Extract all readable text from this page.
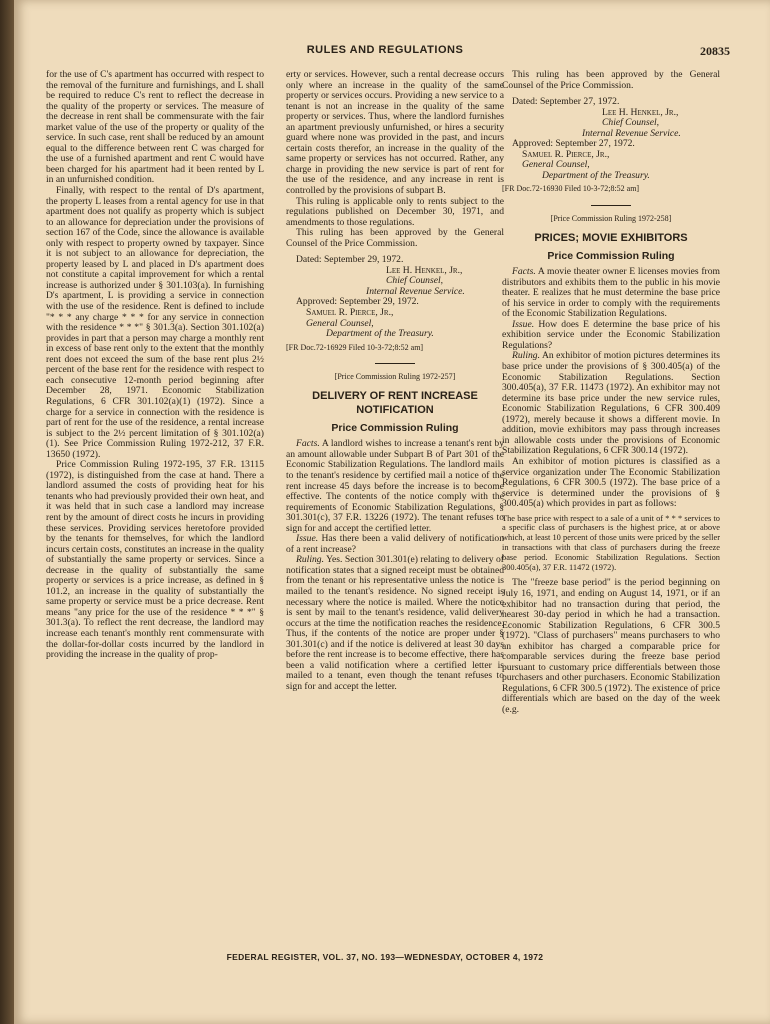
RULES AND REGULATIONS	20835

for the use of C's apartment has occurred with respect to the removal of the furniture and furnishings, and L shall be required to reduce C's rent to reflect the decrease in the quality of the property or services. The measure of the decrease in rent shall be commensurate with the fair market value of the use of the property or quality of the service. In such case, rent shall be reduced by an amount equal to the difference between rent C was charged for the use of a furnished apartment and rent C would have been charged for his apartment had it been rented by L in an unfurnished condition.

Finally, with respect to the rental of D's apartment, the property L leases from a rental agency for use in that apartment does not qualify as property which is subject to an allowance for depreciation under the provisions of section 167 of the Code, since the allowance is available only with respect to property owned by taxpayer. Since it is not subject to an allowance for depreciation, the property leased by L and placed in D's apartment does not constitute a capital improvement for which a rental increase is authorized under § 301.103(a). In furnishing D's apartment, L is providing a service in connection with the use of the residence. Rent is defined to include "* * * any charge * * * for any service in connection with the residence * * *" § 301.3(a). Section 301.102(a) provides in part that a person may charge a monthly rent in excess of base rent only to the extent that the monthly rent does not exceed the sum of the base rent plus 2½ percent of the base rent for the residence with respect to each consecutive 12-month period beginning after December 28, 1971. Economic Stabilization Regulations, 6 CFR 301.102(a)(1) (1972). Since a charge for a service in connection with the residence is part of rent for the use of the residence, a rental increase is subject to the 2½ percent limitation of § 301.102(a)(1). See Price Commission Ruling 1972-212, 37 F.R. 13650 (1972).

Price Commission Ruling 1972-195, 37 F.R. 13115 (1972), is distinguished from the case at hand. There a landlord assumed the costs of providing heat for his tenants who had previously provided their own heat, and it was held that in such case a landlord may increase rent by the amount of direct costs he incurs in providing these services. Providing services heretofore provided by the tenants for themselves, for which the landlord incurs certain costs, constitutes an increase in the quality of substantially the same property or services. Since a decrease in the quality of substantially the same property or services is a price increase, as defined in § 101.2, an increase in the quality of substantially the same property or service must be a price decrease. Rent means "any price for the use of the residence * * *" § 301.3(a). To reflect the rent decrease, the landlord may increase each tenant's monthly rent commensurate with the dollar-for-dollar costs incurred by the landlord in providing the increase in the quality of prop-

erty or services. However, such a rental decrease occurs only where an increase in the quality of the same property or services occurs. Providing a new service to a tenant is not an increase in the quality of the same property or services. Thus, where the landlord furnishes an apartment previously unfurnished, or hires a security guard where none was provided in the past, and incurs certain costs therefor, an increase in the quality of the same property or services has not occurred. Rather, any charge in providing the new service is part of rent for the use of the residence, and any increase in rent is controlled by the provisions of subpart B.

This ruling is applicable only to rents subject to the regulations published on December 30, 1971, and amendments to those regulations.

This ruling has been approved by the General Counsel of the Price Commission.

Dated: September 29, 1972.

Lee H. Henkel, Jr.,

Chief Counsel,

Internal Revenue Service.

Approved: September 29, 1972.

Samuel R. Pierce, Jr.,

General Counsel,

Department of the Treasury.

[FR Doc.72-16929 Filed 10-3-72;8:52 am]

[Price Commission Ruling 1972-257]

DELIVERY OF RENT INCREASE NOTIFICATION

Price Commission Ruling

Facts. A landlord wishes to increase a tenant's rent by an amount allowable under Subpart B of Part 301 of the Economic Stabilization Regulations. The landlord mails to the tenant's residence by certified mail a notice of the rent increase 45 days before the increase is to become effective. The contents of the notice comply with the requirements of Economic Stabilization Regulations, § 301.301(c), 37 F.R. 13226 (1972). The tenant refuses to sign for and accept the certified letter.

Issue. Has there been a valid delivery of notification of a rent increase?

Ruling. Yes. Section 301.301(e) relating to delivery of notification states that a signed receipt must be obtained from the tenant or his representative unless the notice is mailed to the tenant's residence. No signed receipt is necessary where the notice is mailed. Where the notice is sent by mail to the tenant's residence, valid delivery occurs at the time the notification reaches the residence. Thus, if the contents of the notice are proper under § 301.301(c) and if the notice is delivered at least 30 days before the rent increase is to become effective, there has been a valid notification where a certified letter is mailed to a tenant, even though the tenant refuses to sign for and accept the letter.

This ruling has been approved by the General Counsel of the Price Commission.

Dated: September 27, 1972.

Lee H. Henkel, Jr.,

Chief Counsel,

Internal Revenue Service.

Approved: September 27, 1972.

Samuel R. Pierce, Jr.,

General Counsel,

Department of the Treasury.

[FR Doc.72-16930 Filed 10-3-72;8:52 am]

[Price Commission Ruling 1972-258]

PRICES; MOVIE EXHIBITORS

Price Commission Ruling

Facts. A movie theater owner E licenses movies from distributors and exhibits them to the public in his movie theater. E realizes that he must determine the base price of his service in order to comply with the requirements of the Economic Stabilization Regulations.

Issue. How does E determine the base price of his exhibition service under the Economic Stabilization Regulations?

Ruling. An exhibitor of motion pictures determines its base price under the provisions of § 300.405(a) of the Economic Stabilization Regulations. Section 300.405(a), 37 F.R. 11473 (1972). An exhibitor may not determine its base price under the new service rules, Economic Stabilization Regulations, 6 CFR 300.409 (1972), merely because it shows a different movie. In addition, movie exhibitors may pass through increases in allowable costs under the provisions of Economic Stabilization Regulations, 6 CFR 300.14 (1972).

An exhibitor of motion pictures is classified as a service organization under The Economic Stabilization Regulations, 6 CFR 300.5 (1972). The base price of a service is determined under the provisions of § 300.405(a) which provides in part as follows:

The base price with respect to a sale of a unit of * * * services to a specific class of purchasers is the highest price, at or above which, at least 10 percent of those units were priced by the seller in transactions with that class of purchasers during the freeze base period. Economic Stabilization Regulations. Section 300.405(a), 37 F.R. 11472 (1972).

The "freeze base period" is the period beginning on July 16, 1971, and ending on August 14, 1971, or if an exhibitor had no transaction during that period, the nearest 30-day period in which he had a transaction. Economic Stabilization Regulations, 6 CFR 300.5 (1972). "Class of purchasers" means purchasers to who an exhibitor has charged a comparable price for comparable services during the freeze base period pursuant to customary price differentials between those purchasers and other purchasers. Economic Stabilization Regulations, 6 CFR 300.5 (1972). The existence of price differentials which are based on the day of the week (e.g.

FEDERAL REGISTER, VOL. 37, NO. 193—WEDNESDAY, OCTOBER 4, 1972
